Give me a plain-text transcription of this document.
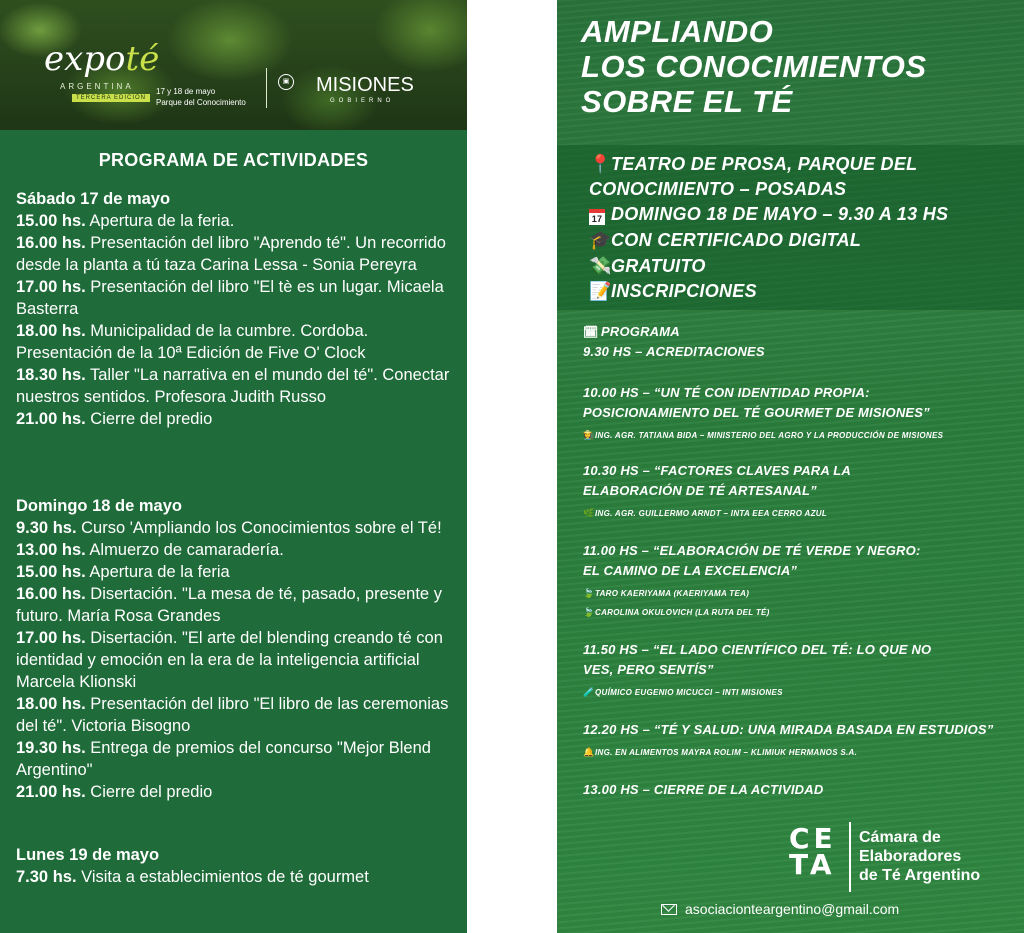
expoté
ARGENTINA
TERCERA EDICIÓN
17 y 18 de mayo
Parque del Conocimiento
▣ MISIONES
GOBIERNO
PROGRAMA DE ACTIVIDADES

Sábado 17 de mayo

15.00 hs. Apertura de la feria.

16.00 hs. Presentación del libro "Aprendo té". Un recorrido desde la planta a tú taza Carina Lessa - Sonia Pereyra

17.00 hs. Presentación del libro "El tè es un lugar. Micaela Basterra

18.00 hs. Municipalidad de la cumbre. Cordoba. Presentación de la 10ª Edición de Five O' Clock

18.30 hs. Taller "La narrativa en el mundo del té". Conectar nuestros sentidos. Profesora Judith Russo

21.00 hs. Cierre del predio

Domingo 18 de mayo

9.30 hs. Curso 'Ampliando los Conocimientos sobre el Té!

13.00 hs. Almuerzo de camaradería.

15.00 hs. Apertura de la feria

16.00 hs. Disertación. "La mesa de té, pasado, presente y futuro. María Rosa Grandes

17.00 hs. Disertación. "El arte del blending creando té con identidad y emoción en la era de la inteligencia artificial Marcela Klionski

18.00 hs. Presentación del libro "El libro de las ceremonias del té". Victoria Bisogno

19.30 hs. Entrega de premios del concurso "Mejor Blend Argentino"

21.00 hs. Cierre del predio

Lunes 19 de mayo

7.30 hs. Visita a establecimientos de té gourmet

AMPLIANDO
LOS CONOCIMIENTOS
SOBRE EL TÉ
📍TEATRO DE PROSA, PARQUE DEL
CONOCIMIENTO – POSADAS
17 DOMINGO 18 DE MAYO – 9.30 A 13 HS
🎓CON CERTIFICADO DIGITAL
💸GRATUITO
📝INSCRIPCIONES
🗓 PROGRAMA
9.30 HS – ACREDITACIONES
10.00 HS – “UN TÉ CON IDENTIDAD PROPIA:
POSICIONAMIENTO DEL TÉ GOURMET DE MISIONES”
👩‍🌾ING. AGR. TATIANA BIDA – MINISTERIO DEL AGRO Y LA PRODUCCIÓN DE MISIONES
10.30 HS – “FACTORES CLAVES PARA LA
ELABORACIÓN DE TÉ ARTESANAL”
🌿ING. AGR. GUILLERMO ARNDT – INTA EEA CERRO AZUL
11.00 HS – “ELABORACIÓN DE TÉ VERDE Y NEGRO:
EL CAMINO DE LA EXCELENCIA”
🍃TARO KAERIYAMA (KAERIYAMA TEA)
🍃CAROLINA OKULOVICH (LA RUTA DEL TÉ)
11.50 HS – “EL LADO CIENTÍFICO DEL TÉ: LO QUE NO
VES, PERO SENTÍS”
🧪QUÍMICO EUGENIO MICUCCI – INTI MISIONES
12.20 HS – “TÉ Y SALUD: UNA MIRADA BASADA EN ESTUDIOS”
🔔ING. EN ALIMENTOS MAYRA ROLIM – KLIMIUK HERMANOS S.A.
13.00 HS – CIERRE DE LA ACTIVIDAD
CE
TA
Cámara de
Elaboradores
de Té Argentino
asociacionteargentino@gmail.com
